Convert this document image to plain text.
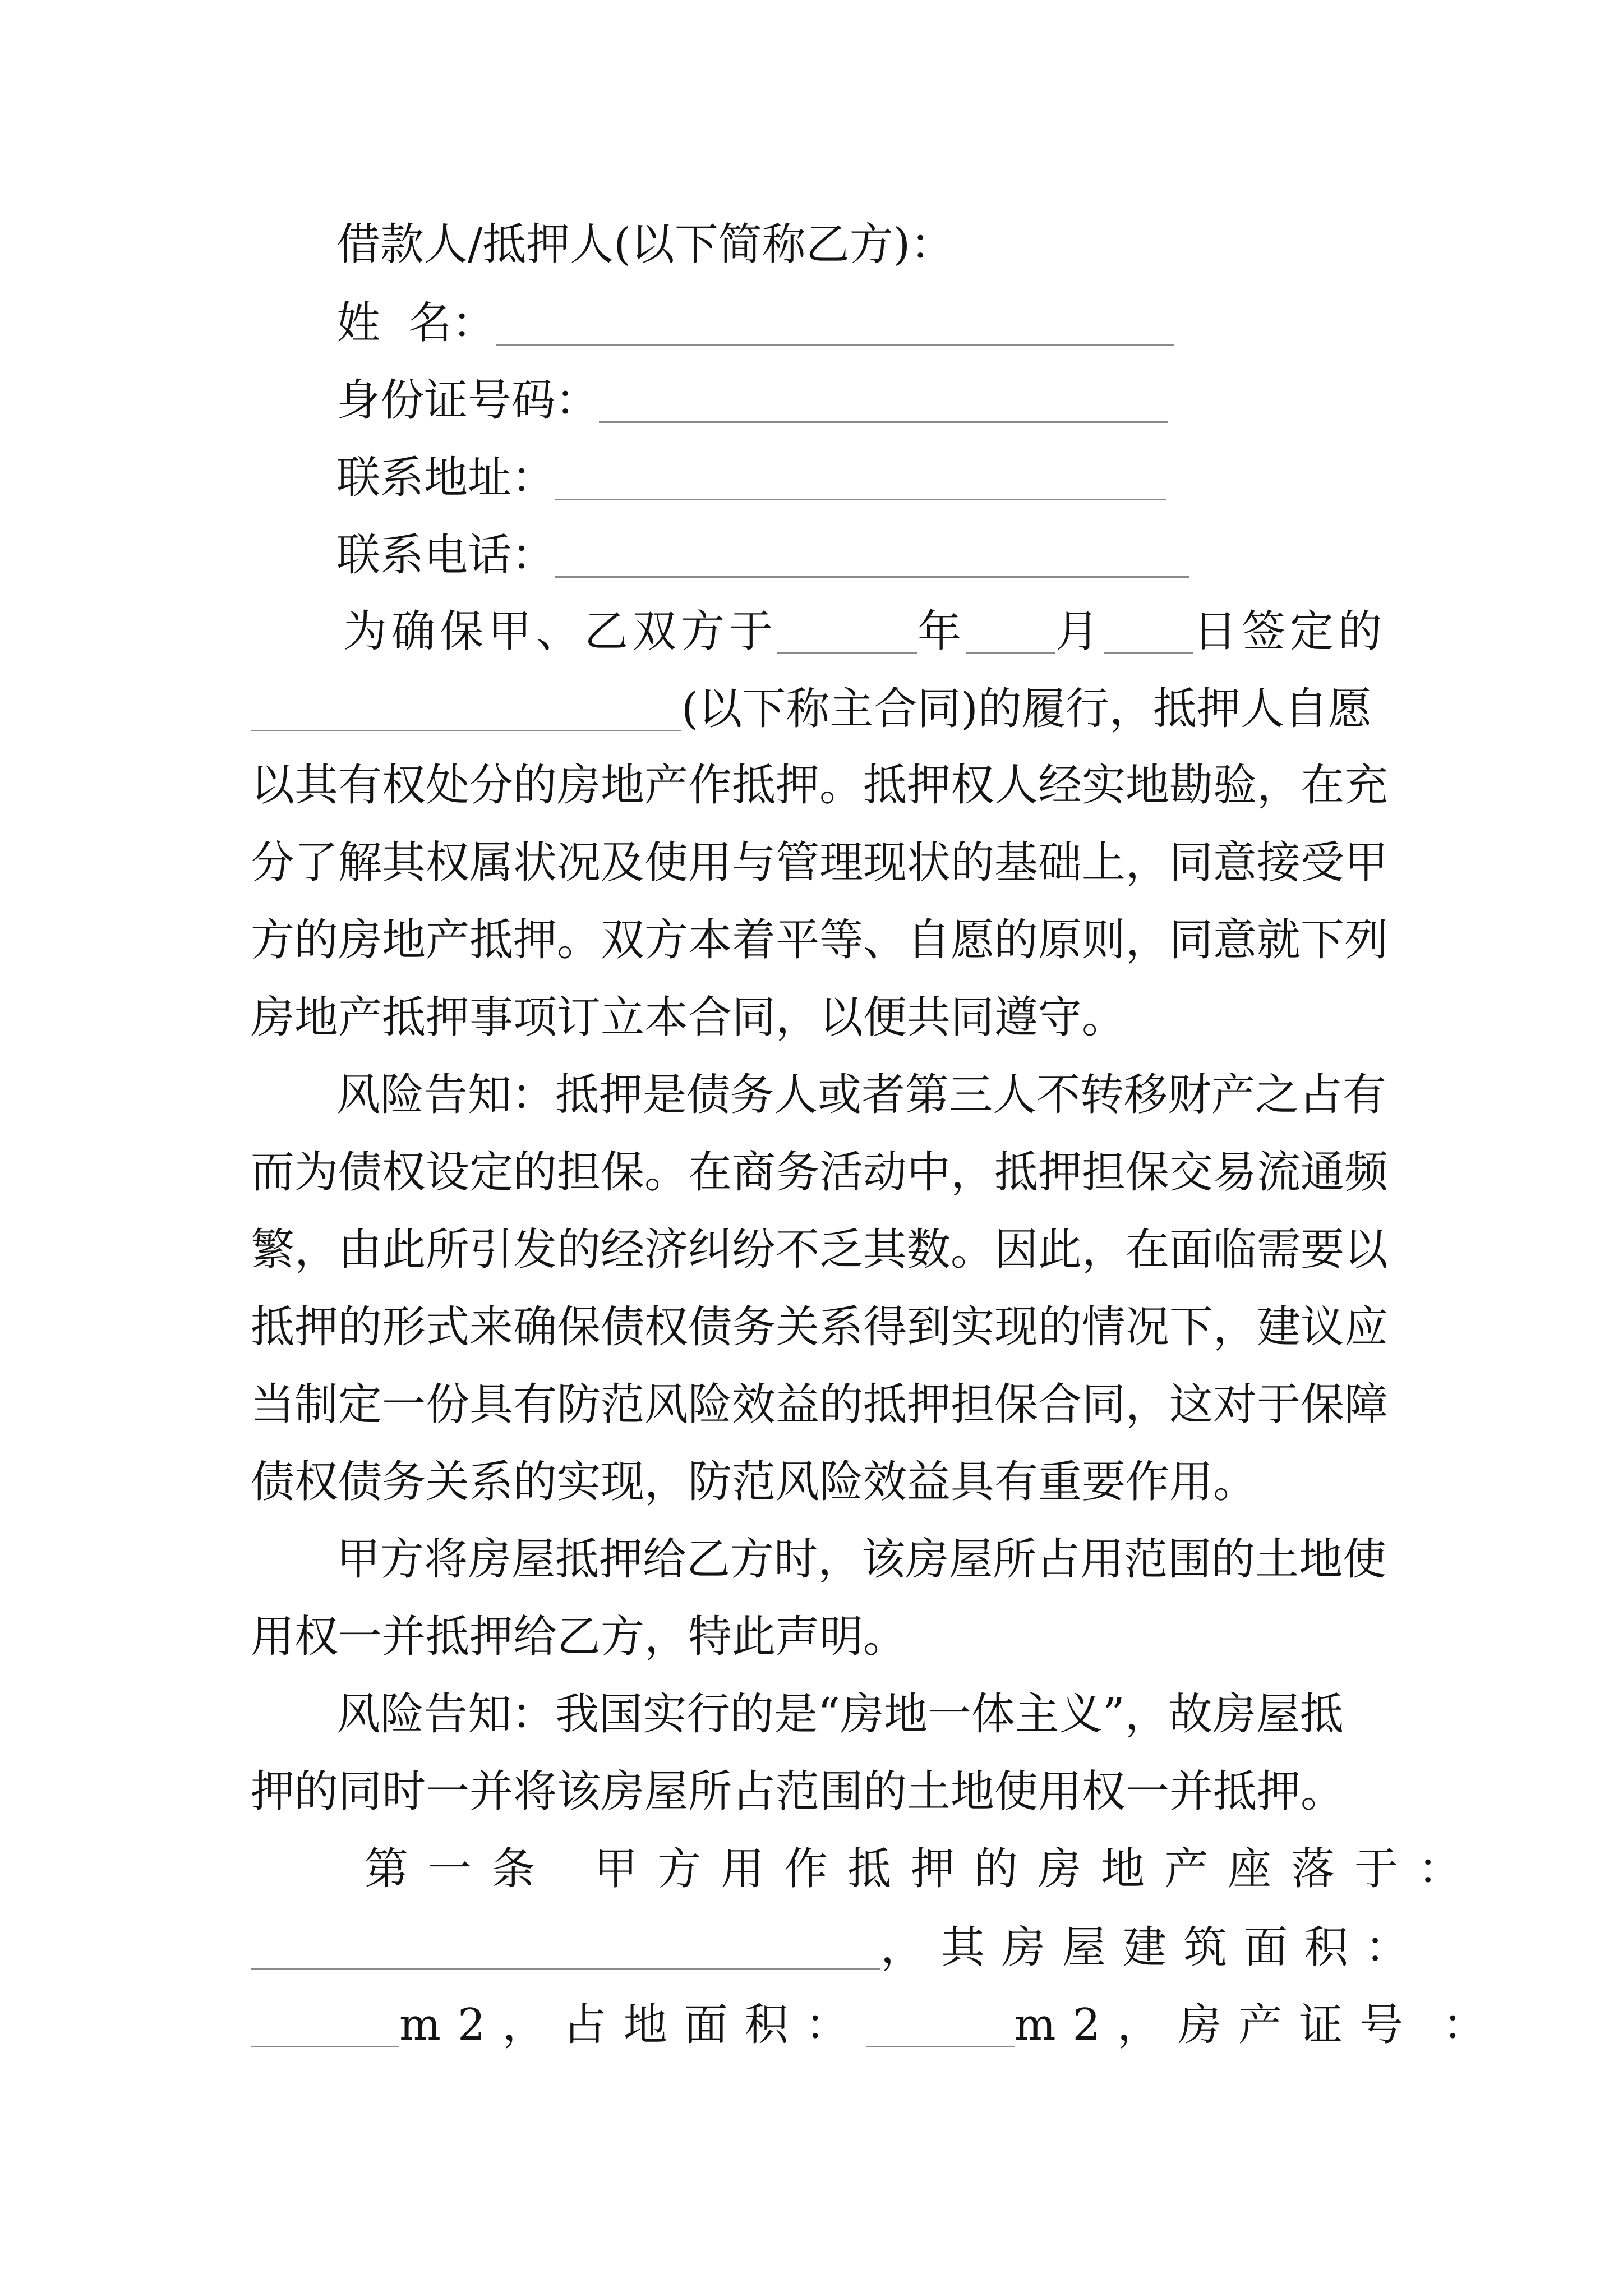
借款人/抵押人(以下简称乙方)：
姓  名：
身份证号码：
联系地址：
联系电话：
为确保甲、乙双方于	年 月 日签定的
(以下称主合同)的履行，抵押人自愿
以其有权处分的房地产作抵押。抵押权人经实地勘验，在充
分了解其权属状况及使用与管理现状的基础上，同意接受甲
方的房地产抵押。双方本着平等、自愿的原则，同意就下列
房地产抵押事项订立本合同，以便共同遵守。
风险告知：抵押是债务人或者第三人不转移财产之占有
而为债权设定的担保。在商务活动中，抵押担保交易流通频
繁，由此所引发的经济纠纷不乏其数。因此，在面临需要以
抵押的形式来确保债权债务关系得到实现的情况下，建议应
当制定一份具有防范风险效益的抵押担保合同，这对于保障
债权债务关系的实现，防范风险效益具有重要作用。
甲方将房屋抵押给乙方时，该房屋所占用范围的土地使
用权一并抵押给乙方，特此声明。
风险告知：我国实行的是“房地一体主义”，故房屋抵
押的同时一并将该房屋所占范围的土地使用权一并抵押。
第一条 甲方用作抵押的房地产座落于：
，其房屋建筑面积：
m2，占地面积：	m2，房产证号 ：
